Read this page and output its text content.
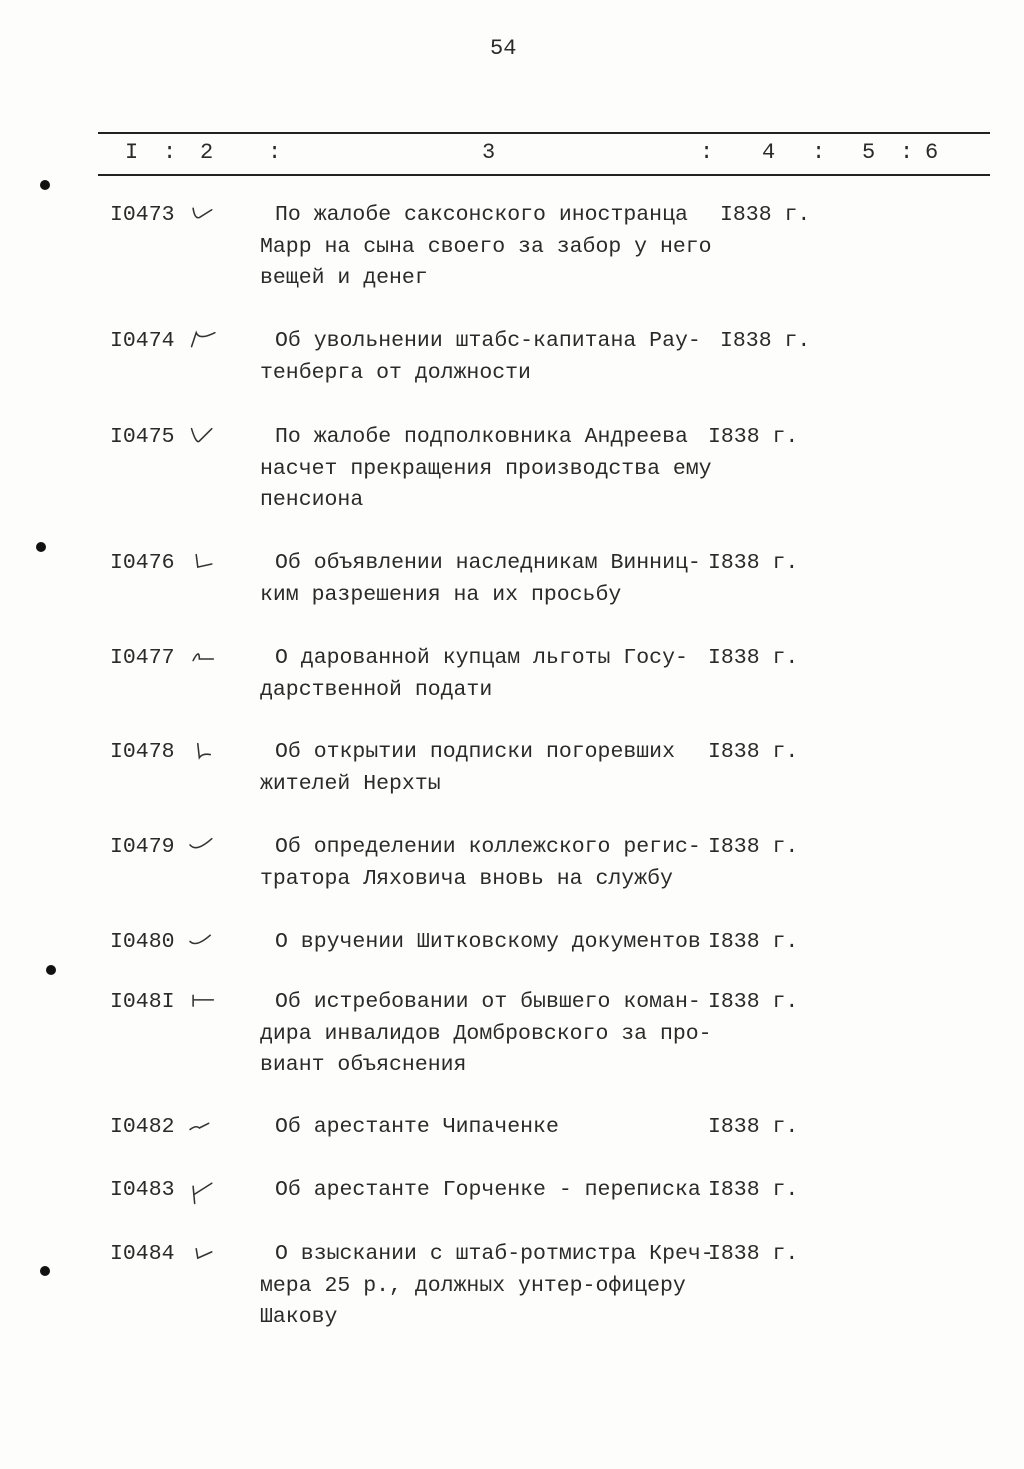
54
I : 2 :	3	: 4 : 5 : 6
I0473	По жалобе саксонского иностранца
Марр на сына своего за забор у него
вещей и денег
I838 г.
I0474	Об увольнении штабс-капитана Рау-
тенберга от должности
I838 г.
I0475	По жалобе подполковника Андреева
насчет прекращения производства ему
пенсиона
I838 г.
I0476	Об объявлении наследникам Винниц-
ким разрешения на их просьбу
I838 г.
I0477	О дарованной купцам льготы Госу-
дарственной подати
I838 г.
I0478	Об открытии подписки погоревших
жителей Нерхты
I838 г.
I0479	Об определении коллежского регис-
тратора Ляховича вновь на службу
I838 г.
I0480	О вручении Шитковскому документов I838 г.
I048I	Об истребовании от бывшего коман-
дира инвалидов Домбровского за про-
виант объяснения
I838 г.
I0482	Об арестанте Чипаченке	I838 г.
I0483	Об арестанте Горченке - переписка I838 г.
I0484	О взыскании с штаб-ротмистра Креч-
мера 25 р., должных унтер-офицеру
Шакову
I838 г.
